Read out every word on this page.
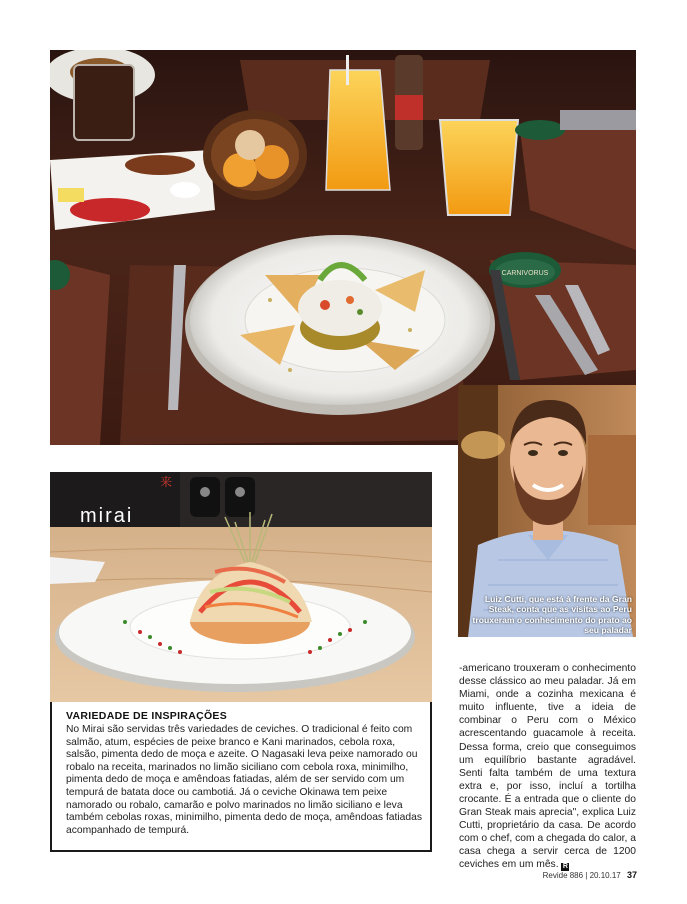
CARNIVORUS
来
mirai
Luiz Cutti, que está à frente da Gran Steak, conta que as visitas ao Peru trouxeram o conhecimento do prato ao seu paladar
VARIEDADE DE INSPIRAÇÕES
No Mirai são servidas três variedades de ceviches. O tradicional é feito com salmão, atum, espécies de peixe branco e Kani marinados, cebola roxa, salsão, pimenta dedo de moça e azeite. O Nagasaki leva peixe namorado ou robalo na receita, marinados no limão siciliano com cebola roxa, minimilho, pimenta dedo de moça e amêndoas fatiadas, além de ser servido com um tempurá de batata doce ou cambotiá. Já o ceviche Okinawa tem peixe namorado ou robalo, camarão e polvo marinados no limão siciliano e leva também cebolas roxas, minimilho, pimenta dedo de moça, amêndoas fatiadas acompanhado de tempurá.
-americano trouxeram o conhecimento desse clássico ao meu paladar. Já em Miami, onde a cozinha mexicana é muito influente, tive a ideia de combinar o Peru com o México acrescentando guacamole à receita. Dessa forma, creio que conseguimos um equilíbrio bastante agradável. Senti falta também de uma textura extra e, por isso, incluí a tortilha crocante. É a entrada que o cliente do Gran Steak mais aprecia", explica Luiz Cutti, proprietário da casa. De acordo com o chef, com a chegada do calor, a casa chega a servir cerca de 1200 ceviches em um mês. R
Revide 886 | 20.10.17 37
